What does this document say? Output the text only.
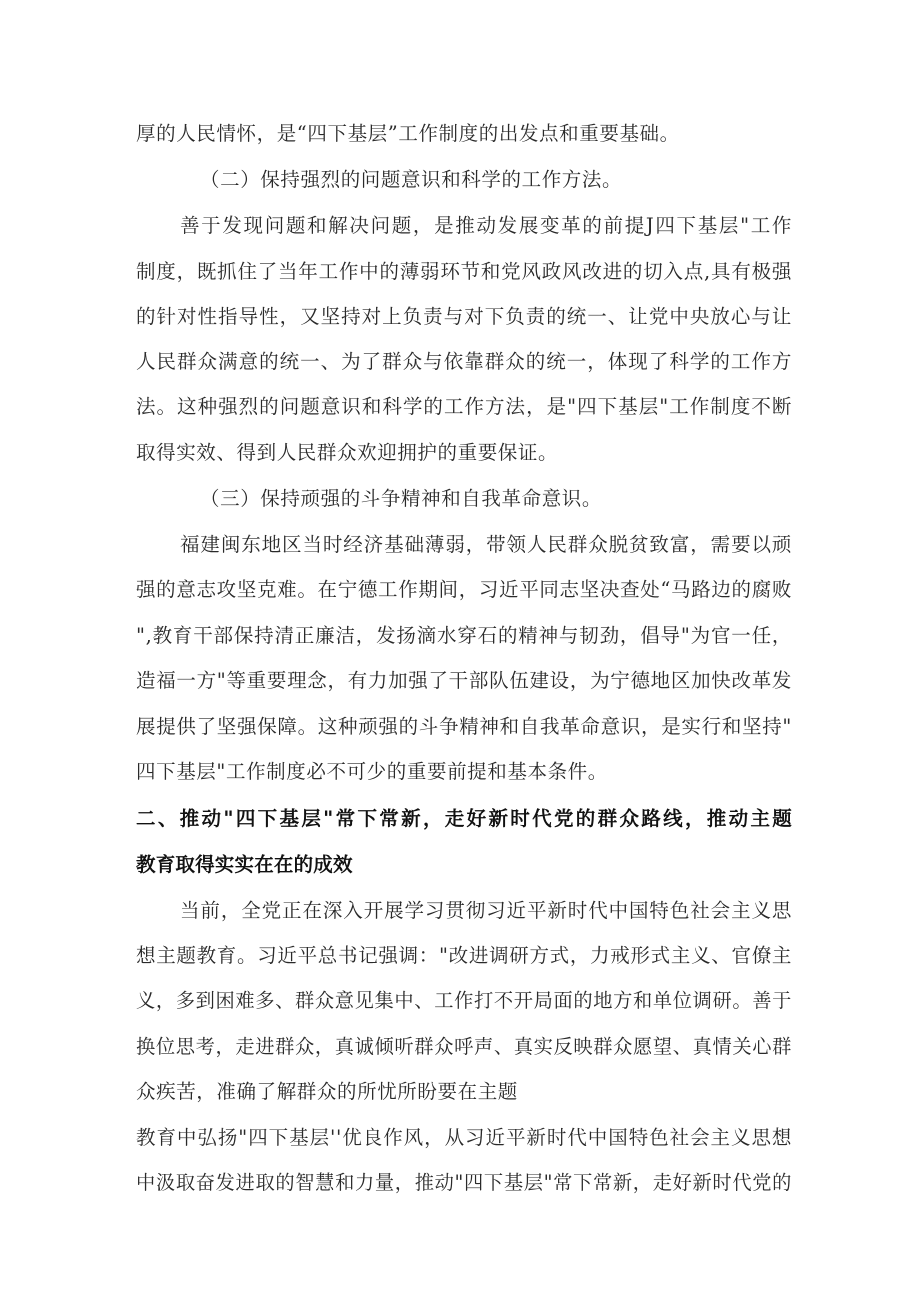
厚的人民情怀，是“四下基层”工作制度的出发点和重要基础。
（二）保持强烈的问题意识和科学的工作方法。
善于发现问题和解决问题，是推动发展变革的前提J四下基层"工作
制度，既抓住了当年工作中的薄弱环节和党风政风改进的切入点,具有极强
的针对性指导性，又坚持对上负责与对下负责的统一、让党中央放心与让
人民群众满意的统一、为了群众与依靠群众的统一，体现了科学的工作方
法。这种强烈的问题意识和科学的工作方法，是"四下基层"工作制度不断
取得实效、得到人民群众欢迎拥护的重要保证。
（三）保持顽强的斗争精神和自我革命意识。
福建闽东地区当时经济基础薄弱，带领人民群众脱贫致富，需要以顽
强的意志攻坚克难。在宁德工作期间，习近平同志坚决查处“马路边的腐败
",教育干部保持清正廉洁，发扬滴水穿石的精神与韧劲，倡导"为官一任，
造福一方"等重要理念，有力加强了干部队伍建设，为宁德地区加快改革发
展提供了坚强保障。这种顽强的斗争精神和自我革命意识，是实行和坚持"
四下基层"工作制度必不可少的重要前提和基本条件。
二、推动"四下基层"常下常新，走好新时代党的群众路线，推动主题
教育取得实实在在的成效
当前，全党正在深入开展学习贯彻习近平新时代中国特色社会主义思
想主题教育。习近平总书记强调："改进调研方式，力戒形式主义、官僚主
义，多到困难多、群众意见集中、工作打不开局面的地方和单位调研。善于
换位思考，走进群众，真诚倾听群众呼声、真实反映群众愿望、真情关心群
众疾苦，准确了解群众的所忧所盼要在主题
教育中弘扬"四下基层''优良作风，从习近平新时代中国特色社会主义思想
中汲取奋发进取的智慧和力量，推动"四下基层"常下常新，走好新时代党的
